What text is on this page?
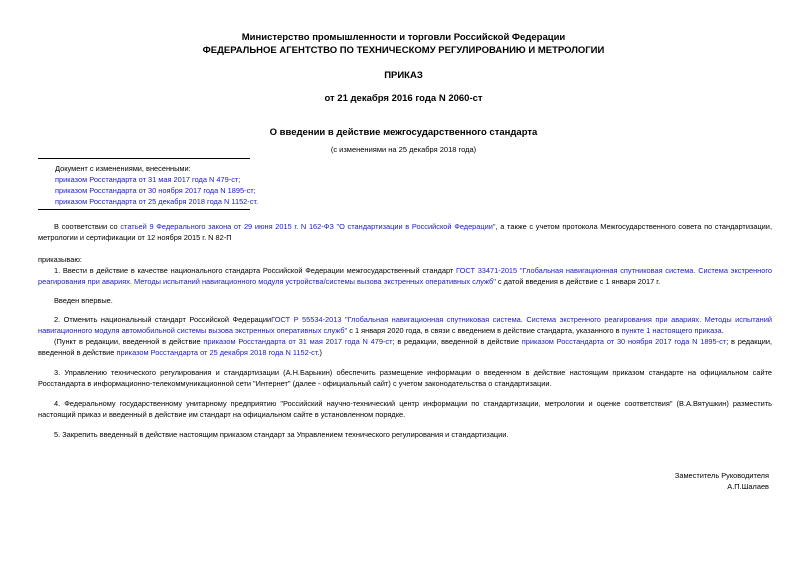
Министерство промышленности и торговли Российской Федерации
ФЕДЕРАЛЬНОЕ АГЕНТСТВО ПО ТЕХНИЧЕСКОМУ РЕГУЛИРОВАНИЮ И МЕТРОЛОГИИ
ПРИКАЗ
от 21 декабря 2016 года N 2060-ст
О введении в действие межгосударственного стандарта
(с изменениями на 25 декабря 2018 года)
Документ с изменениями, внесенными:
приказом Росстандарта от 31 мая 2017 года N 479-ст;
приказом Росстандарта от 30 ноября 2017 года N 1895-ст;
приказом Росстандарта от 25 декабря 2018 года N 1152-ст.
В соответствии со статьей 9 Федерального закона от 29 июня 2015 г. N 162-ФЗ "О стандартизации в Российской Федерации", а также с учетом протокола Межгосударственного совета по стандартизации, метрологии и сертификации от 12 ноября 2015 г. N 82-П
приказываю:
1. Ввести в действие в качестве национального стандарта Российской Федерации межгосударственный стандарт ГОСТ 33471-2015 "Глобальная навигационная спутниковая система. Система экстренного реагирования при авариях. Методы испытаний навигационного модуля устройства/системы вызова экстренных оперативных служб" с датой введения в действие с 1 января 2017 г.
Введен впервые.
2. Отменить национальный стандарт Российской ФедерацииГОСТ Р 55534-2013 "Глобальная навигационная спутниковая система. Система экстренного реагирования при авариях. Методы испытаний навигационного модуля автомобильной системы вызова экстренных оперативных служб" с 1 января 2020 года, в связи с введением в действие стандарта, указанного в пункте 1 настоящего приказа.
(Пункт в редакции, введенной в действие приказом Росстандарта от 31 мая 2017 года N 479-ст; в редакции, введенной в действие приказом Росстандарта от 30 ноября 2017 года N 1895-ст; в редакции, введенной в действие приказом Росстандарта от 25 декабря 2018 года N 1152-ст.)
3. Управлению технического регулирования и стандартизации (А.Н.Барыкин) обеспечить размещение информации о введенном в действие настоящим приказом стандарте на официальном сайте Росстандарта в информационно-телекоммуникационной сети "Интернет" (далее - официальный сайт) с учетом законодательства о стандартизации.
4. Федеральному государственному унитарному предприятию "Российский научно-технический центр информации по стандартизации, метрологии и оценке соответствия" (В.А.Вятушкин) разместить настоящий приказ и введенный в действие им стандарт на официальном сайте в установленном порядке.
5. Закрепить введенный в действие настоящим приказом стандарт за Управлением технического регулирования и стандартизации.
Заместитель Руководителя
А.П.Шалаев
